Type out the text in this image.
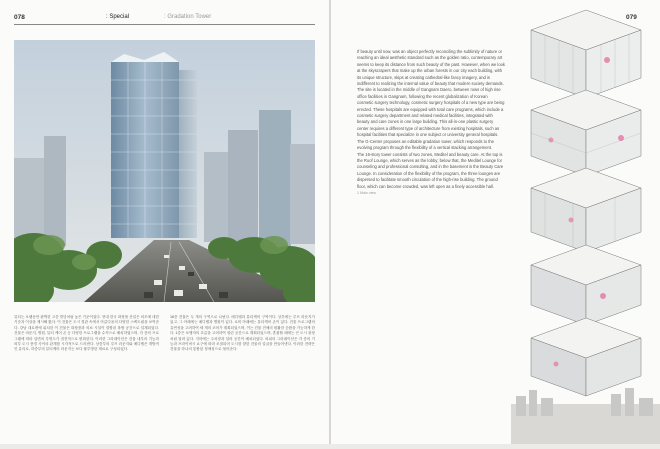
078	: Special	: Gradation Tower

뷰티는 오랫동안 완벽한 고층 빌딩처럼 높은 기준이었다. 현대 한국 화장품 산업은 외모에 대한 기준과 이상을 제시해 왔다. 이 건물은 도시 경관 속에서 아름다움의 다양한 스펙트럼을 보여준다. 강남 대로변에 위치한 이 건물은 화장품과 의료 시설이 결합된 복합 공간으로 설계되었다. 건물은 라운지, 병원, 뷰티 케어 존 등 다양한 프로그램을 수직으로 배치하였으며, 각 층의 프로그램에 따라 입면의 투명도가 점진적으로 변화한다. 이러한 그라데이션은 건물 내부의 기능과 외부 도시 풍경 사이의 관계를 시각적으로 드러낸다. 상층부의 루프 라운지와 메디텔은 개방적인 유리로, 하층부의 뷰티케어 라운지는 보다 불투명한 재료로 구성되었다.

16층 건물은 두 개의 구역으로 나뉜다. 메디텔과 뷰티케어 구역이다. 상부에는 루프 라운지가 있고, 그 아래에는 메디텔과 병원이 있다. 로비 아래에는 뷰티케어 존이 있다. 건물 프로그램의 유연성을 고려하여 세 개의 코어가 계획되었으며, 이는 건물 전체의 원활한 순환을 가능하게 한다. 1층은 보행자의 흐름을 고려하여 열린 공간으로 계획되었으며, 혼잡할 때에는 큰 도시 광장처럼 열려 있다. 지하에는 주차장과 설비 공간이 배치되었다. 외피의 그라데이션은 각 층의 기능과 프라이버시 요구에 따라 조절되어 도시를 향한 건물의 얼굴을 만들어낸다. 이러한 전략은 건물을 하나의 통합된 정체성으로 묶어준다.

079

If beauty until now, was an object perfectly reconciling the sublimity of nature or reaching an ideal aesthetic standard such as the golden ratio, contemporary art seems to keep its distance from such beauty of the past. However, when we look at the skyscrapers that make up the urban forests in our city each building, with its unique structure, skips at creating cathedral-like fancy imagery, and is indifferent to realizing the internal value of beauty that modern society demands.

The site is located in the middle of Gangnam Daero, between rows of high rise office facilities in Gangnam, following the recent globalization of Korean cosmetic surgery technology, cosmetic surgery hospitals of a new type are being erected. These hospitals are equipped with total care programs, which include a cosmetic surgery department and related medical facilities, integrated with beauty and care zones in one large building. This all-in-one plastic surgery center requires a different type of architecture from existing hospitals, such as hospital facilities that specialize in one subject or university general hospitals. The G-Center proposes an editable gradation tower, which responds to the evolving program through the flexibility of a vertical stacking arrangement.

The 16-story tower consists of two zones, Meditel and beauty care. At the top is the Roof Lounge, which serves as the lobby; below that, the Meditel Lounge for counseling and professional consulting, and in the basement is the Beauty Care Lounge. In consideration of the flexibility of the program, the three lounges are dispersed to facilitate smooth circulation of the high-rise building. The ground floor, which can become crowded, was left open as a finely accessible hall.

1 Main view
